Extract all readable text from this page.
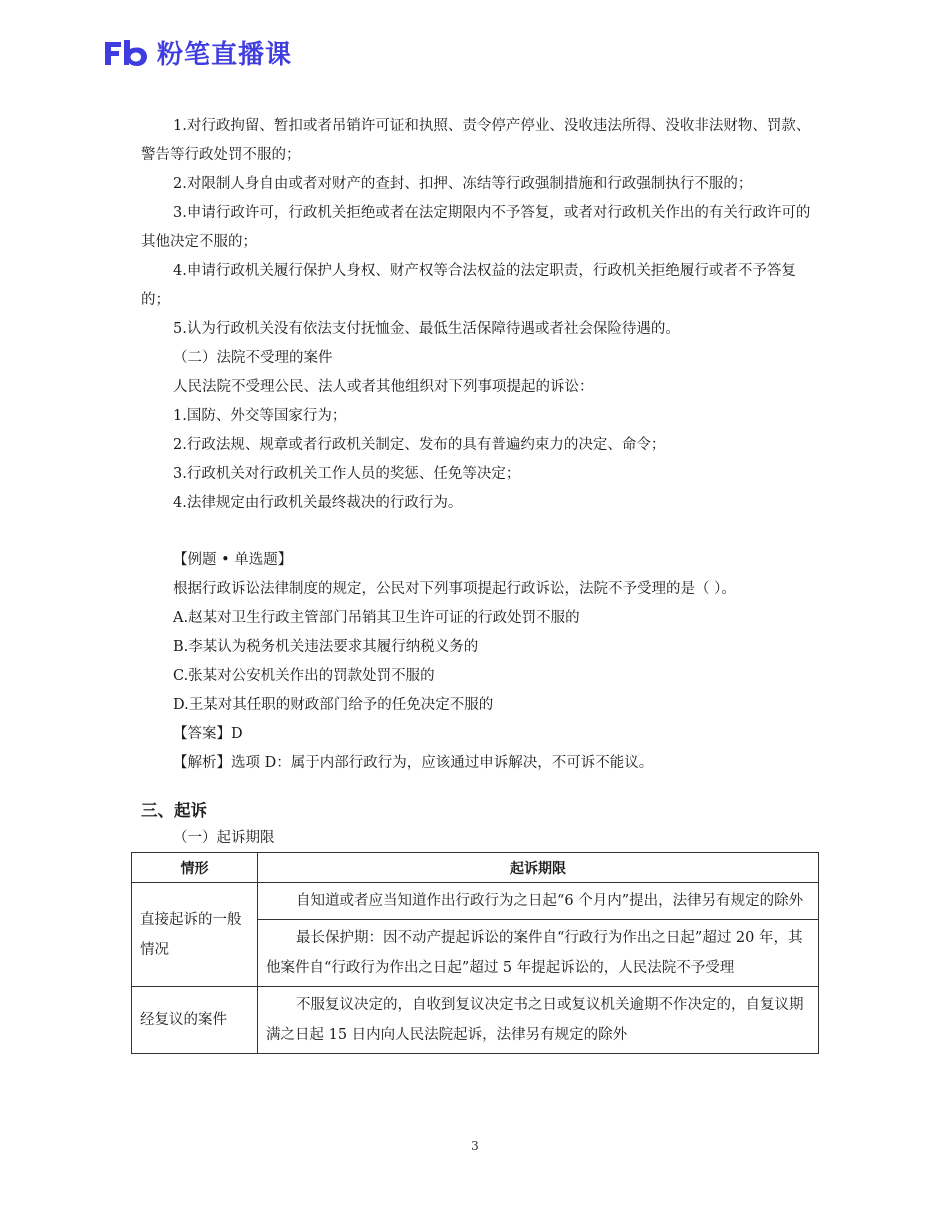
粉笔直播课

1.对行政拘留、暂扣或者吊销许可证和执照、责令停产停业、没收违法所得、没收非法财物、罚款、警告等行政处罚不服的；

2.对限制人身自由或者对财产的查封、扣押、冻结等行政强制措施和行政强制执行不服的；

3.申请行政许可，行政机关拒绝或者在法定期限内不予答复，或者对行政机关作出的有关行政许可的其他决定不服的；

4.申请行政机关履行保护人身权、财产权等合法权益的法定职责，行政机关拒绝履行或者不予答复的；

5.认为行政机关没有依法支付抚恤金、最低生活保障待遇或者社会保险待遇的。

（二）法院不受理的案件

人民法院不受理公民、法人或者其他组织对下列事项提起的诉讼：

1.国防、外交等国家行为；

2.行政法规、规章或者行政机关制定、发布的具有普遍约束力的决定、命令；

3.行政机关对行政机关工作人员的奖惩、任免等决定；

4.法律规定由行政机关最终裁决的行政行为。

【例题 • 单选题】

根据行政诉讼法律制度的规定，公民对下列事项提起行政诉讼，法院不予受理的是（ ）。

A.赵某对卫生行政主管部门吊销其卫生许可证的行政处罚不服的

B.李某认为税务机关违法要求其履行纳税义务的

C.张某对公安机关作出的罚款处罚不服的

D.王某对其任职的财政部门给予的任免决定不服的

【答案】D

【解析】选项 D：属于内部行政行为，应该通过申诉解决，不可诉不能议。

三、起诉

（一）起诉期限

情形	起诉期限
直接起诉的一般情况	自知道或者应当知道作出行政行为之日起“6 个月内”提出，法律另有规定的除外
	最长保护期：因不动产提起诉讼的案件自“行政行为作出之日起”超过 20 年，其他案件自“行政行为作出之日起”超过 5 年提起诉讼的，人民法院不予受理
经复议的案件	不服复议决定的，自收到复议决定书之日或复议机关逾期不作决定的，自复议期满之日起 15 日内向人民法院起诉，法律另有规定的除外
3
